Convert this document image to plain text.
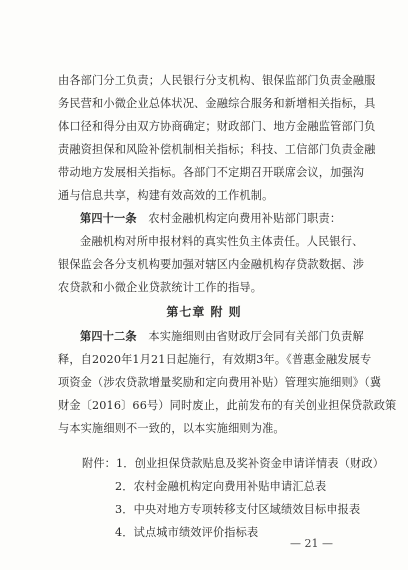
由各部门分工负责；人民银行分支机构、银保监部门负责金融服
务民营和小微企业总体状况、金融综合服务和新增相关指标，具
体口径和得分由双方协商确定；财政部门、地方金融监管部门负
责融资担保和风险补偿机制相关指标；科技、工信部门负责金融
带动地方发展相关指标。各部门不定期召开联席会议，加强沟
通与信息共享，构建有效高效的工作机制。
第四十一条 农村金融机构定向费用补贴部门职责：
金融机构对所申报材料的真实性负主体责任。人民银行、
银保监会各分支机构要加强对辖区内金融机构存贷款数据、涉
农贷款和小微企业贷款统计工作的指导。
第七章 附 则
第四十二条 本实施细则由省财政厅会同有关部门负责解
释，自2020年1月21日起施行，有效期3年。《普惠金融发展专
项资金（涉农贷款增量奖励和定向费用补贴）管理实施细则》（冀
财金〔2016〕66号）同时废止，此前发布的有关创业担保贷款政策
与本实施细则不一致的，以本实施细则为准。
附件：1．创业担保贷款贴息及奖补资金申请详情表（财政）
2．农村金融机构定向费用补贴申请汇总表
3．中央对地方专项转移支付区域绩效目标申报表
4．试点城市绩效评价指标表
— 21 —
